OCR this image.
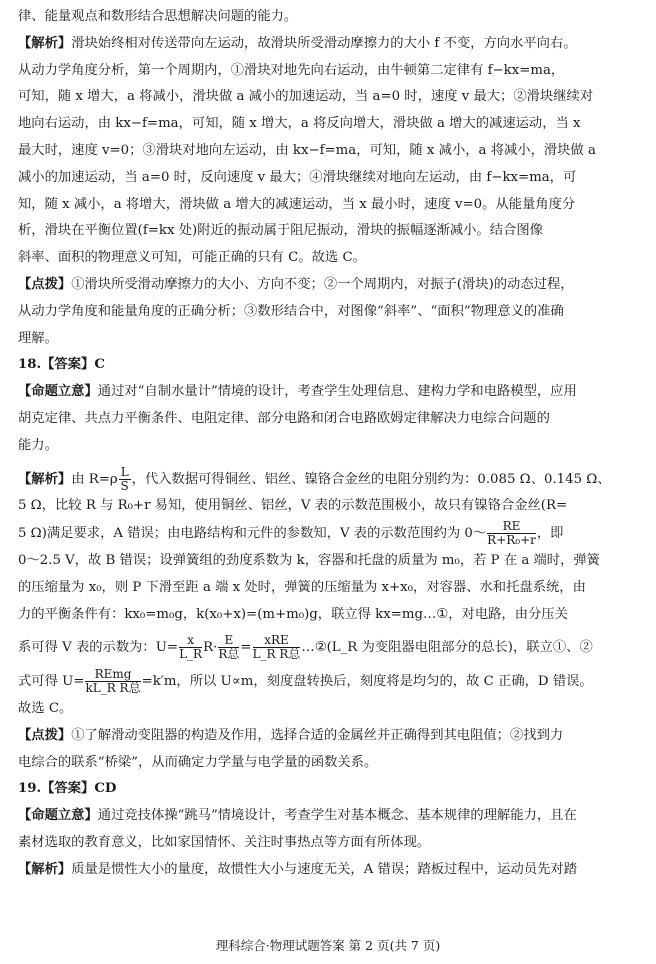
律、能量观点和数形结合思想解决问题的能力。

【解析】滑块始终相对传送带向左运动，故滑块所受滑动摩擦力的大小 f 不变，方向水平向右。

从动力学角度分析，第一个周期内，①滑块对地先向右运动，由牛顿第二定律有 f−kx=ma，

可知，随 x 增大，a 将减小，滑块做 a 减小的加速运动，当 a=0 时，速度 v 最大；②滑块继续对

地向右运动，由 kx−f=ma，可知，随 x 增大，a 将反向增大，滑块做 a 增大的减速运动，当 x

最大时，速度 v=0；③滑块对地向左运动，由 kx−f=ma，可知，随 x 减小，a 将减小，滑块做 a

减小的加速运动，当 a=0 时，反向速度 v 最大；④滑块继续对地向左运动，由 f−kx=ma，可

知，随 x 减小，a 将增大，滑块做 a 增大的减速运动，当 x 最小时，速度 v=0。从能量角度分

析，滑块在平衡位置(f=kx 处)附近的振动属于阻尼振动，滑块的振幅逐渐减小。结合图像

斜率、面积的物理意义可知，可能正确的只有 C。故选 C。

【点拨】①滑块所受滑动摩擦力的大小、方向不变；②一个周期内，对振子(滑块)的动态过程，

从动力学角度和能量角度的正确分析；③数形结合中，对图像“斜率”、“面积”物理意义的准确

理解。

18.【答案】C

【命题立意】通过对“自制水量计”情境的设计，考查学生处理信息、建构力学和电路模型，应用

胡克定律、共点力平衡条件、电阻定律、部分电路和闭合电路欧姆定律解决力电综合问题的

能力。

【解析】由 $R=\rho \frac{L}{S}$ ，代入数据可得铜丝、铝丝、镍铬合金丝的电阻分别约为：0.085 Ω、0.145 Ω、

5 Ω，比较 R 与 R₀+r 易知，使用铜丝、铝丝，V 表的示数范围极小，故只有镍铬合金丝(R=

5 Ω)满足要求，A 错误；由电路结构和元件的参数知，V 表的示数范围约为 0～ $\frac{RE}{\text{R+R₀+r}}$ ，即

0～2.5 V，故 B 错误；设弹簧组的劲度系数为 k，容器和托盘的质量为 m₀，若 P 在 a 端时，弹簧

的压缩量为 x₀，则 P 下滑至距 a 端 x 处时，弹簧的压缩量为 x+x₀，对容器、水和托盘系统，由

力的平衡条件有：kx₀=m₀g，k(x₀+x)=(m+m₀)g，联立得 kx=mg…①，对电路，由分压关

系可得 V 表的示数为：$U= \frac{x}{L\_R} R\cdot \frac{E}{\text{R总}} = \frac{\text{xRE}}{\text{L\_R R总}}$ …②(L_R 为变阻器电阻部分的总长)，联立①、②

式可得 $U= \frac{\text{REmg}}{\text{kL\_R R总}} =k'm$，所以 U∝m，刻度盘转换后，刻度将是均匀的，故 C 正确，D 错误。

故选 C。

【点拨】①了解滑动变阻器的构造及作用，选择合适的金属丝并正确得到其电阻值；②找到力

电综合的联系“桥梁”，从而确定力学量与电学量的函数关系。

19.【答案】CD

【命题立意】通过竞技体操“跳马”情境设计，考查学生对基本概念、基本规律的理解能力，且在

素材选取的教育意义，比如家国情怀、关注时事热点等方面有所体现。

【解析】质量是惯性大小的量度，故惯性大小与速度无关，A 错误；踏板过程中，运动员先对踏

理科综合·物理试题答案 第 2 页(共 7 页)
